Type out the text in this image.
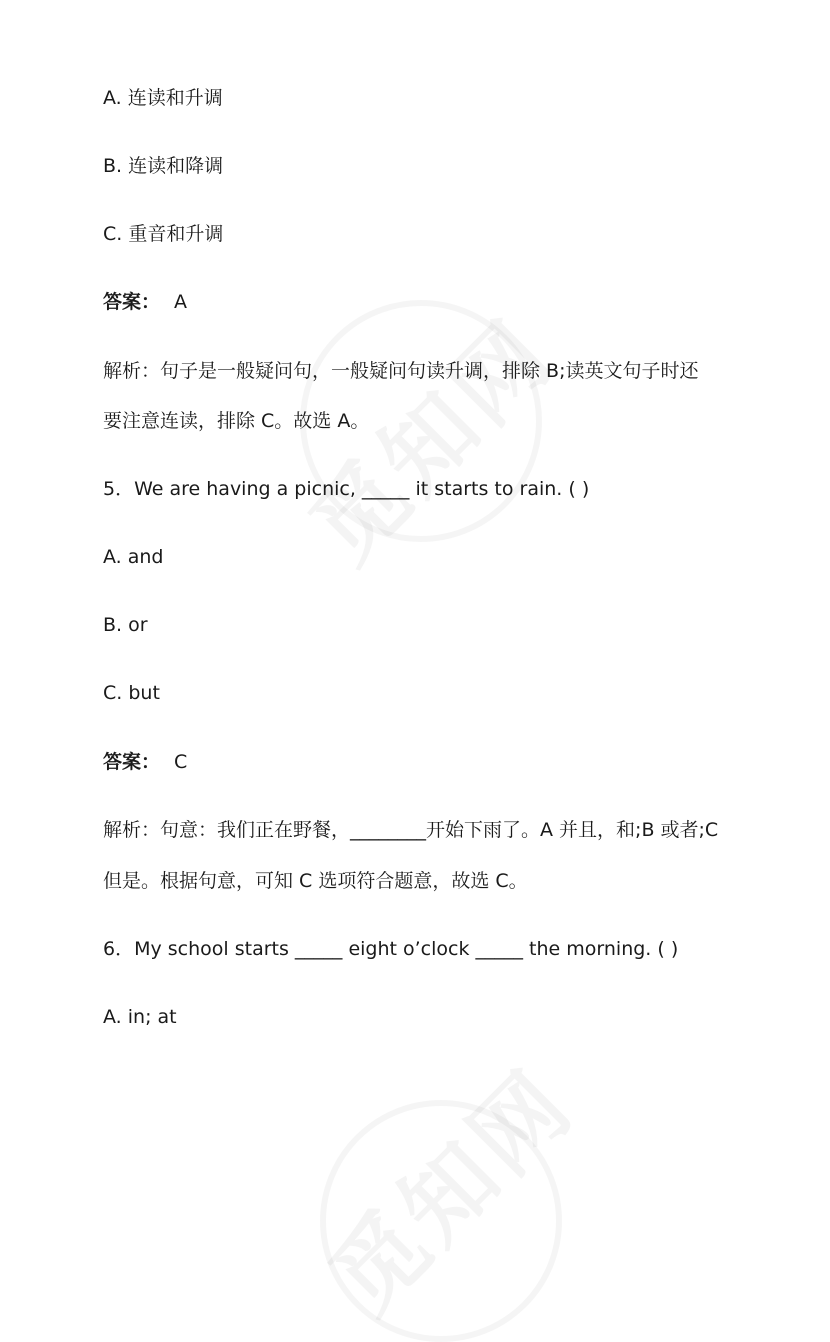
A. 连读和升调

B. 连读和降调

C. 重音和升调

答案： A

解析：句子是一般疑问句，一般疑问句读升调，排除 B;读英文句子时还

要注意连读，排除 C。故选 A。

5．We are having a picnic, _____ it starts to rain. ( )

A. and

B. or

C. but

答案： C

解析：句意：我们正在野餐，________开始下雨了。A 并且，和;B 或者;C

但是。根据句意，可知 C 选项符合题意，故选 C。

6．My school starts _____ eight o’clock _____ the morning. ( )

A. in; at
